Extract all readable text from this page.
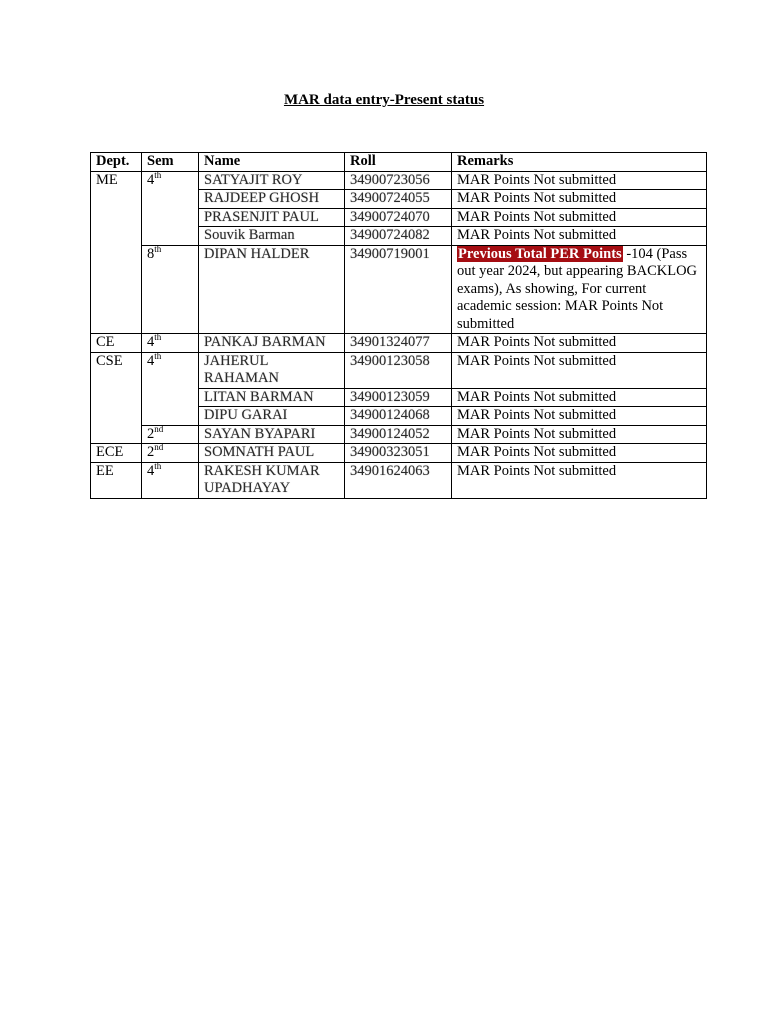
MAR data entry-Present status
Dept.	Sem	Name	Roll	Remarks
ME	4th	SATYAJIT ROY	34900723056	MAR Points Not submitted
		RAJDEEP GHOSH	34900724055	MAR Points Not submitted
		PRASENJIT PAUL	34900724070	MAR Points Not submitted
		Souvik Barman	34900724082	MAR Points Not submitted
	8th	DIPAN HALDER	34900719001	Previous Total PER Points -104 (Pass out year 2024, but appearing BACKLOG exams), As showing, For current academic session: MAR Points Not submitted
CE	4th	PANKAJ BARMAN	34901324077	MAR Points Not submitted
CSE	4th	JAHERUL RAHAMAN	34900123058	MAR Points Not submitted
		LITAN BARMAN	34900123059	MAR Points Not submitted
		DIPU GARAI	34900124068	MAR Points Not submitted
	2nd	SAYAN BYAPARI	34900124052	MAR Points Not submitted
ECE	2nd	SOMNATH PAUL	34900323051	MAR Points Not submitted
EE	4th	RAKESH KUMAR UPADHAYAY	34901624063	MAR Points Not submitted
